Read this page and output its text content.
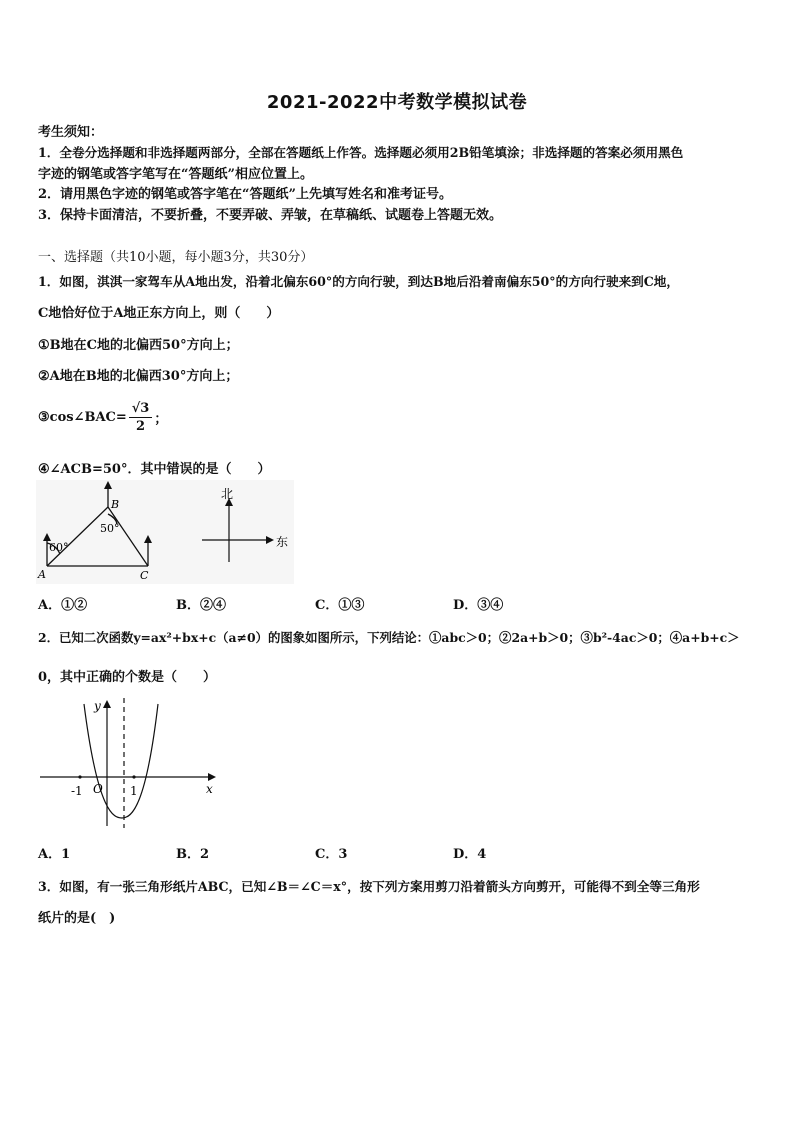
2021-2022中考数学模拟试卷
考生须知：
1．全卷分选择题和非选择题两部分，全部在答题纸上作答。选择题必须用2B铅笔填涂；非选择题的答案必须用黑色
字迹的钢笔或答字笔写在“答题纸”相应位置上。
2．请用黑色字迹的钢笔或答字笔在“答题纸”上先填写姓名和准考证号。
3．保持卡面清洁，不要折叠，不要弄破、弄皱，在草稿纸、试题卷上答题无效。
一、选择题（共10小题，每小题3分，共30分）
1．如图，淇淇一家驾车从A地出发，沿着北偏东60°的方向行驶，到达B地后沿着南偏东50°的方向行驶来到C地，
C地恰好位于A地正东方向上，则（　　）
①B地在C地的北偏西50°方向上；
②A地在B地的北偏西30°方向上；
③cos∠BAC= $\frac{√3}{2}$ ；
④∠ACB=50°．其中错误的是（　　）
A
B
C
60°
50°
北
东
A．①②	B．②④	C．①③	D．③④
2．已知二次函数y=ax²+bx+c（a≠0）的图象如图所示，下列结论：①abc＞0；②2a+b＞0；③b²-4ac＞0；④a+b+c＞
0，其中正确的个数是（　　）
y
x
O
-1	1
A．1	B．2	C．3	D．4
3．如图，有一张三角形纸片ABC，已知∠B＝∠C＝x°，按下列方案用剪刀沿着箭头方向剪开，可能得不到全等三角形
纸片的是(　)
